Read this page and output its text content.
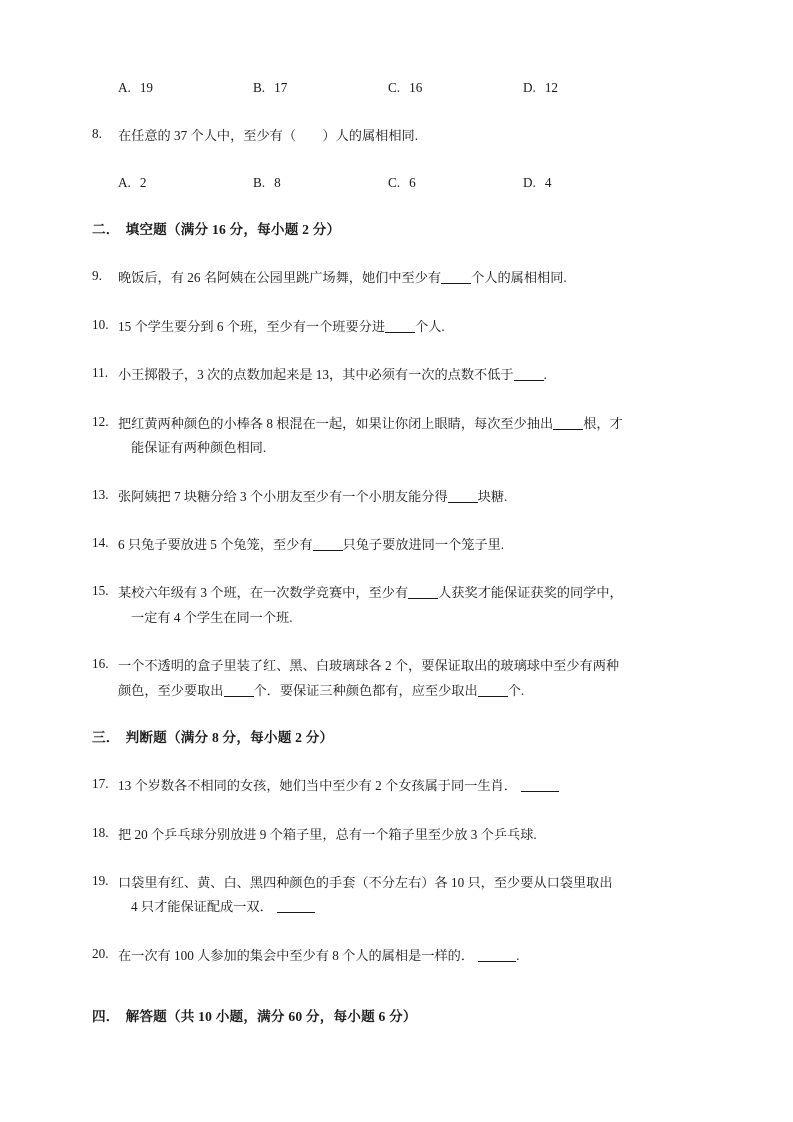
A. 19	B. 17	C. 16	D. 12
8.	在任意的 37 个人中，至少有（　　）人的属相相同.
A. 2	B. 8	C. 6	D. 4
二． 填空题（满分 16 分，每小题 2 分）
9.	晚饭后，有 26 名阿姨在公园里跳广场舞，她们中至少有 个人的属相相同.
10. 15 个学生要分到 6 个班，至少有一个班要分进 个人.
11. 小王掷骰子，3 次的点数加起来是 13，其中必须有一次的点数不低于 .
12. 把红黄两种颜色的小棒各 8 根混在一起，如果让你闭上眼睛，每次至少抽出 根，才
能保证有两种颜色相同.
13. 张阿姨把 7 块糖分给 3 个小朋友至少有一个小朋友能分得 块糖.
14. 6 只兔子要放进 5 个兔笼，至少有 只兔子要放进同一个笼子里.
15. 某校六年级有 3 个班，在一次数学竞赛中，至少有 人获奖才能保证获奖的同学中，
一定有 4 个学生在同一个班.
16. 一个不透明的盒子里装了红、黑、白玻璃球各 2 个，要保证取出的玻璃球中至少有两种
颜色，至少要取出 个．要保证三种颜色都有，应至少取出 个.
三． 判断题（满分 8 分，每小题 2 分）
17. 13 个岁数各不相同的女孩，她们当中至少有 2 个女孩属于同一生肖．
18. 把 20 个乒乓球分别放进 9 个箱子里，总有一个箱子里至少放 3 个乒乓球.
19. 口袋里有红、黄、白、黑四种颜色的手套（不分左右）各 10 只，至少要从口袋里取出
4 只才能保证配成一双．
20. 在一次有 100 人参加的集会中至少有 8 个人的属相是一样的．	.
四． 解答题（共 10 小题，满分 60 分，每小题 6 分）
